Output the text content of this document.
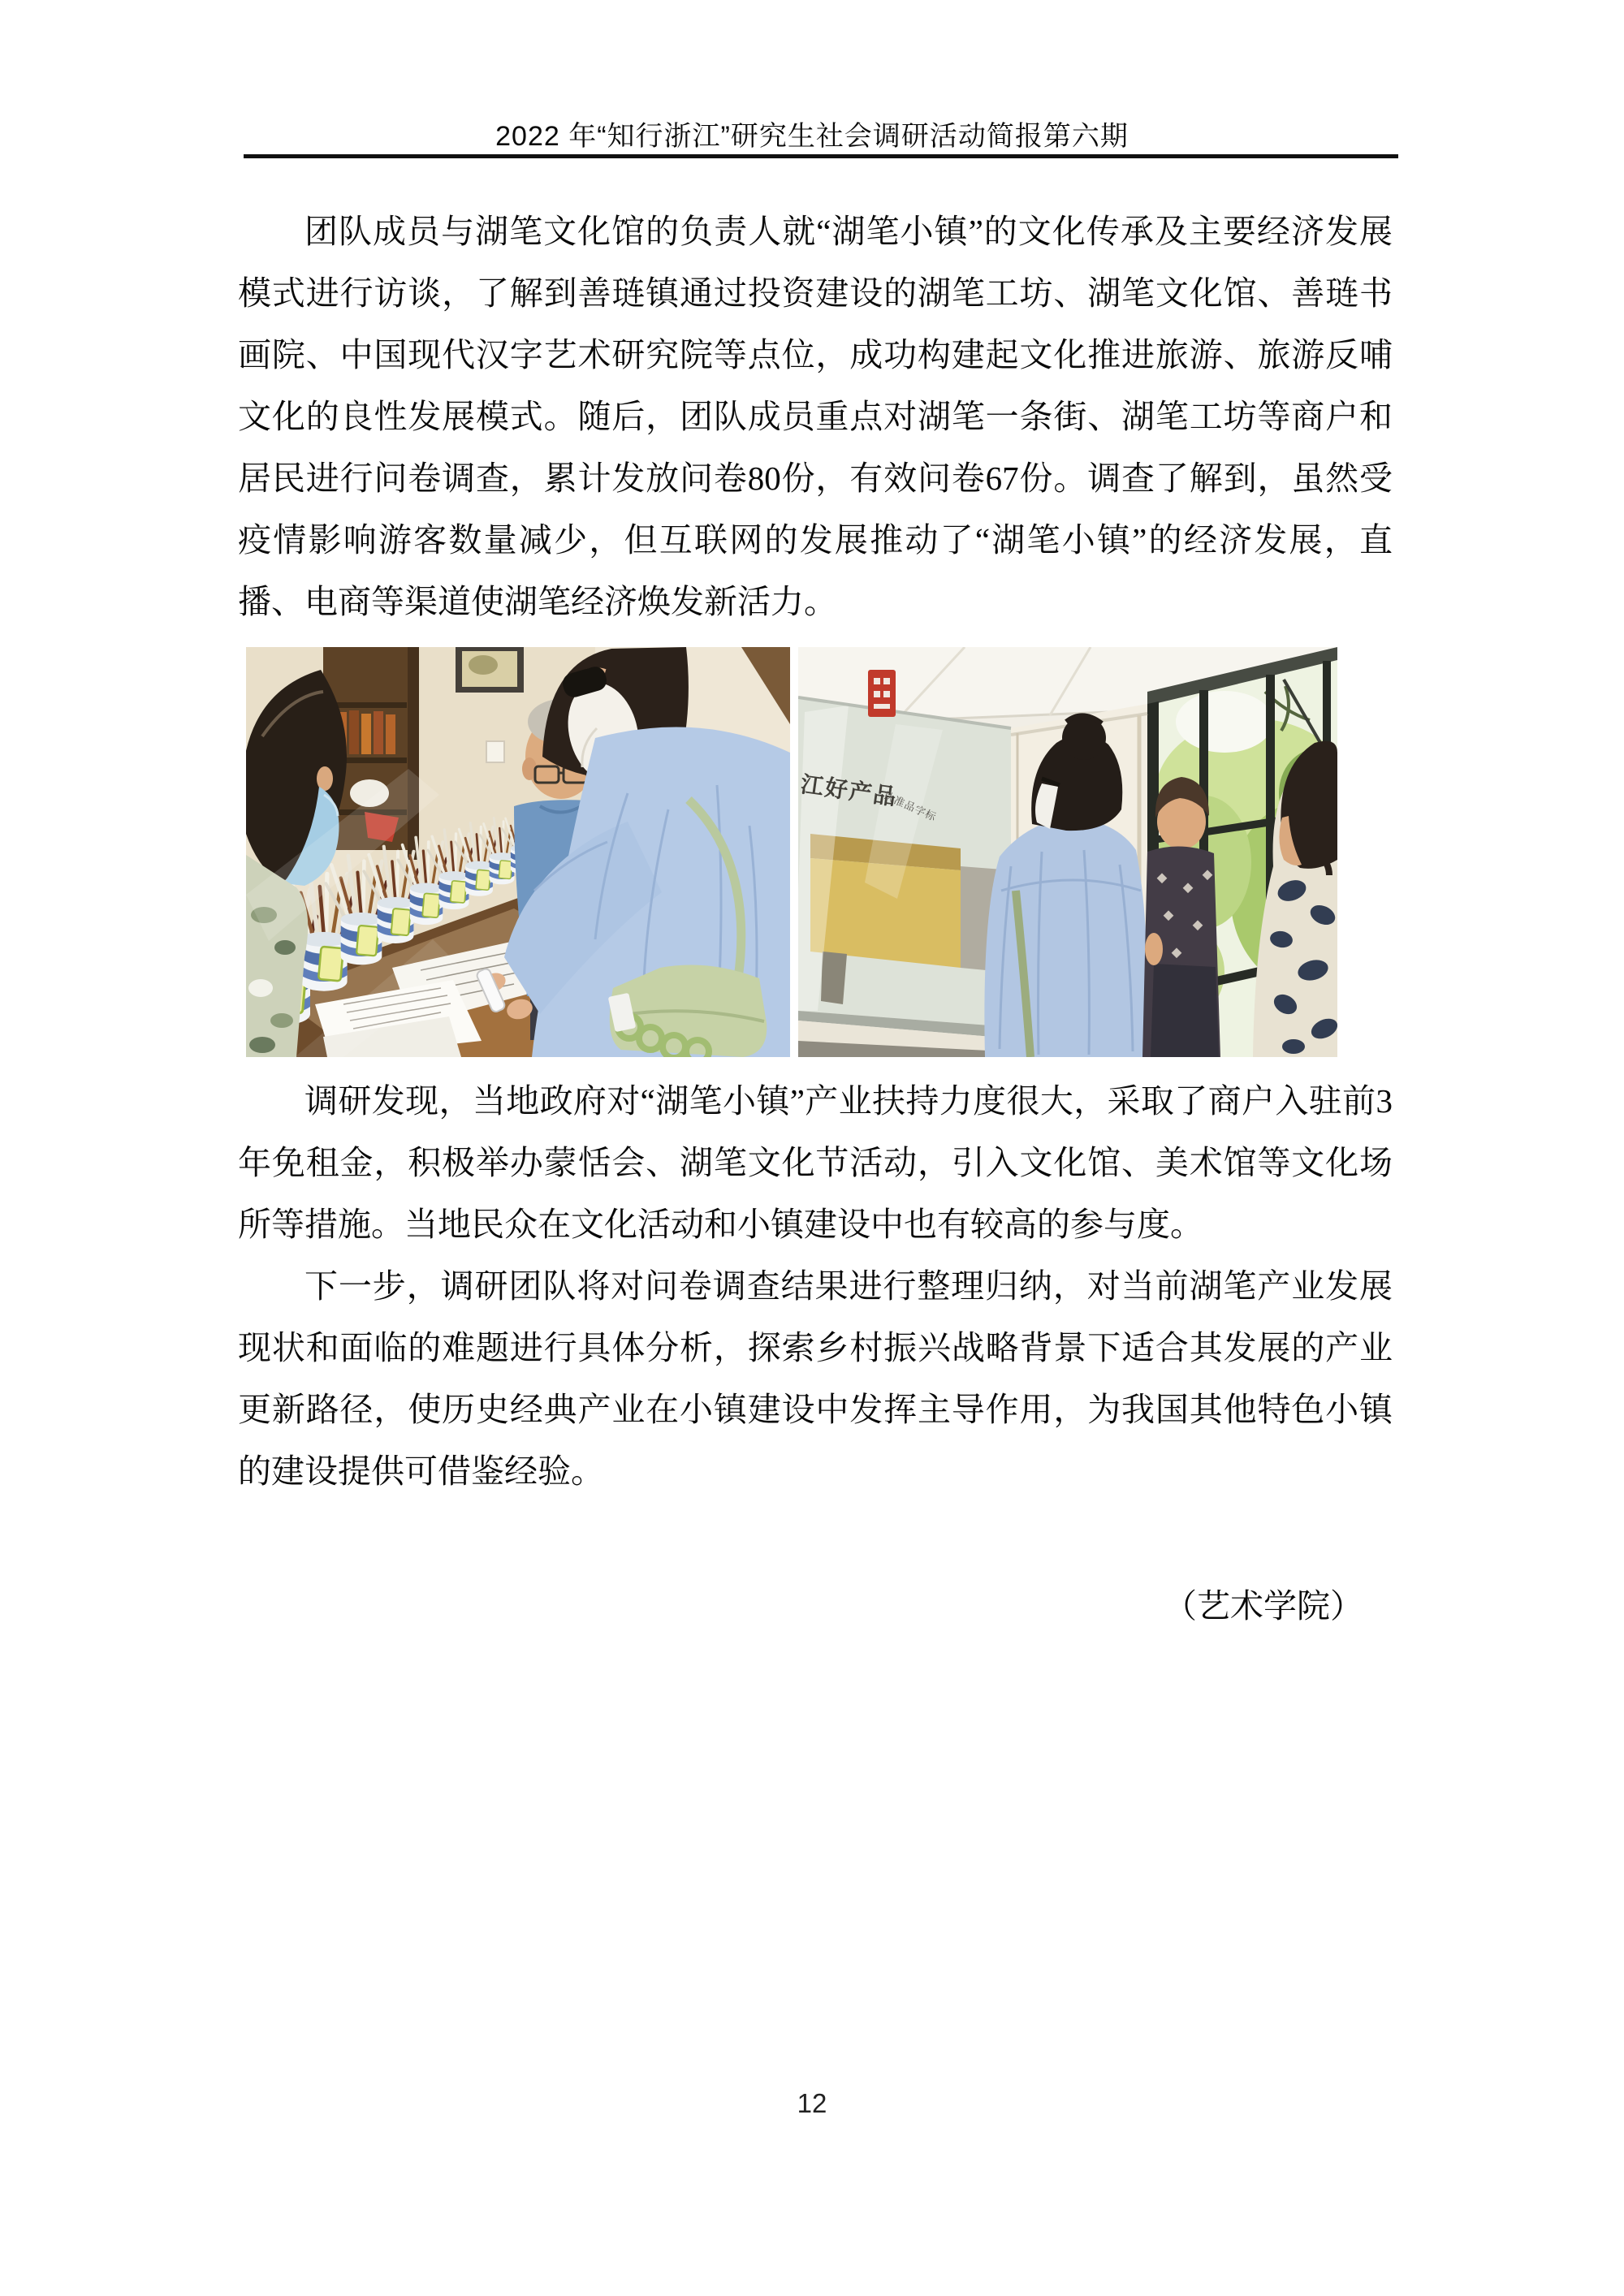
2022 年“知行浙江”研究生社会调研活动简报第六期

团队成员与湖笔文化馆的负责人就“湖笔小镇”的文化传承及主要经济发展模式进行访谈，了解到善琏镇通过投资建设的湖笔工坊、湖笔文化馆、善琏书画院、中国现代汉字艺术研究院等点位，成功构建起文化推进旅游、旅游反哺文化的良性发展模式。随后，团队成员重点对湖笔一条街、湖笔工坊等商户和居民进行问卷调查，累计发放问卷80份，有效问卷67份。调查了解到，虽然受疫情影响游客数量减少，但互联网的发展推动了“湖笔小镇”的经济发展，直播、电商等渠道使湖笔经济焕发新活力。

江好产品
认准品字标

调研发现，当地政府对“湖笔小镇”产业扶持力度很大，采取了商户入驻前3年免租金，积极举办蒙恬会、湖笔文化节活动，引入文化馆、美术馆等文化场所等措施。当地民众在文化活动和小镇建设中也有较高的参与度。

下一步，调研团队将对问卷调查结果进行整理归纳，对当前湖笔产业发展现状和面临的难题进行具体分析，探索乡村振兴战略背景下适合其发展的产业更新路径，使历史经典产业在小镇建设中发挥主导作用，为我国其他特色小镇的建设提供可借鉴经验。

（艺术学院）
12
